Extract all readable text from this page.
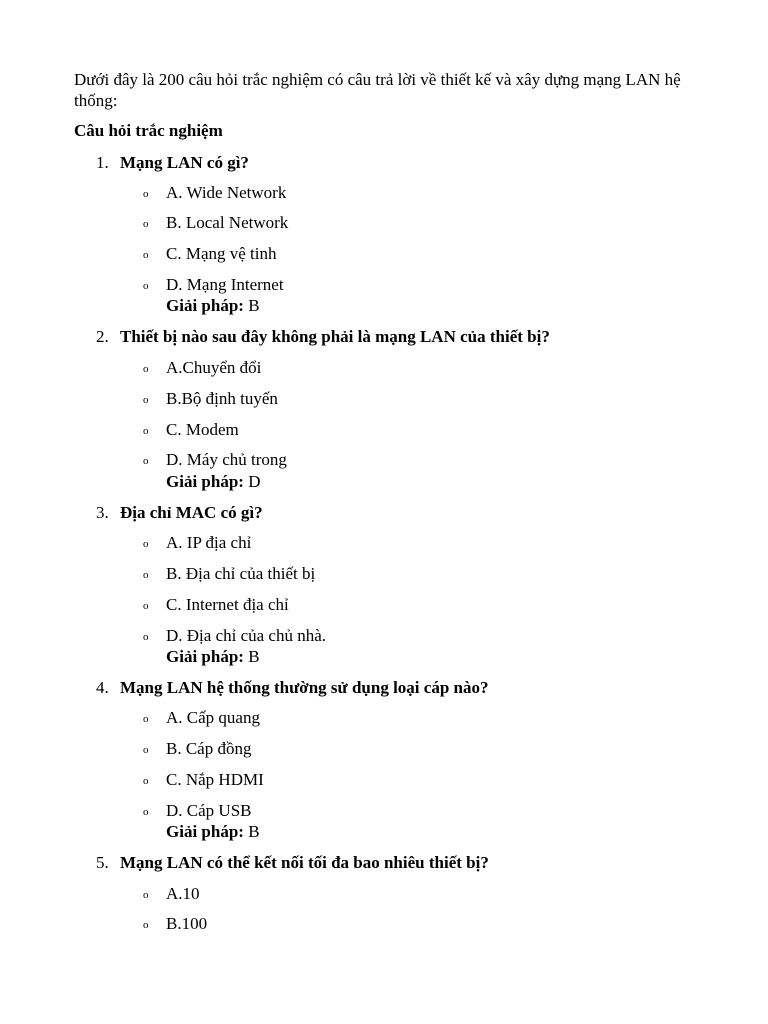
Dưới đây là 200 câu hỏi trắc nghiệm có câu trả lời về thiết kế và xây dựng mạng LAN hệ thống:
Câu hỏi trắc nghiệm
1. Mạng LAN có gì?
o A. Wide Network
o B. Local Network
o C. Mạng vệ tinh
o D. Mạng Internet
Giải pháp: B
2. Thiết bị nào sau đây không phải là mạng LAN của thiết bị?
o A.Chuyển đổi
o B.Bộ định tuyến
o C. Modem
o D. Máy chủ trong
Giải pháp: D
3. Địa chỉ MAC có gì?
o A. IP địa chỉ
o B. Địa chỉ của thiết bị
o C. Internet địa chỉ
o D. Địa chỉ của chủ nhà.
Giải pháp: B
4. Mạng LAN hệ thống thường sử dụng loại cáp nào?
o A. Cấp quang
o B. Cáp đồng
o C. Nắp HDMI
o D. Cáp USB
Giải pháp: B
5. Mạng LAN có thể kết nối tối đa bao nhiêu thiết bị?
o A.10
o B.100
